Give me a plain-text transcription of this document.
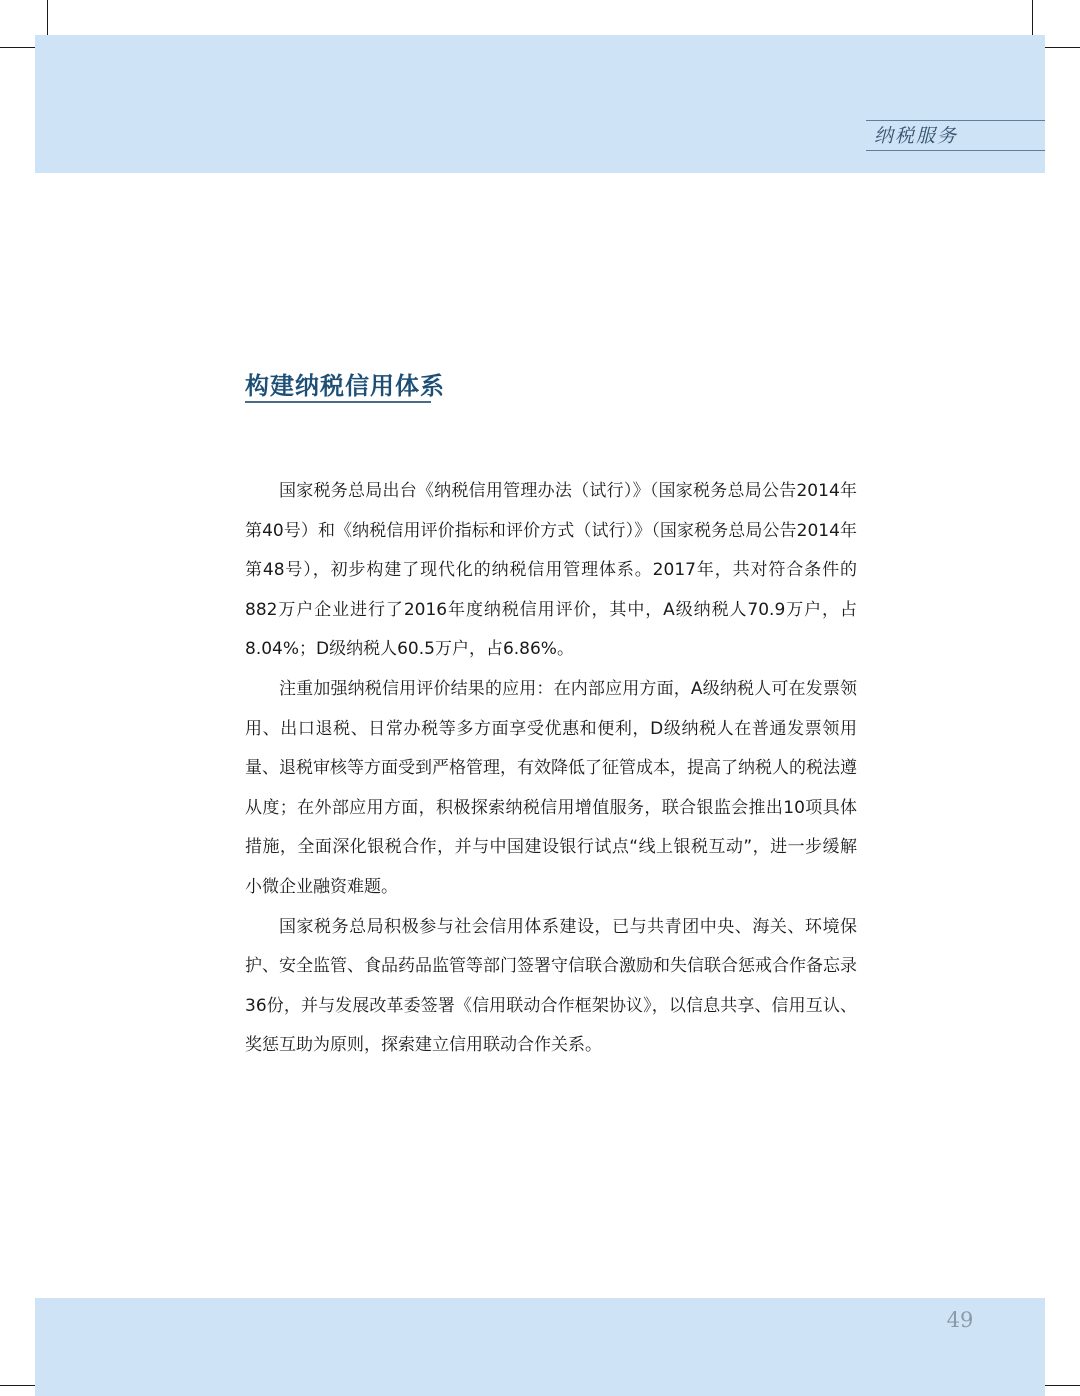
纳税服务
构建纳税信用体系

国家税务总局出台《纳税信用管理办法（试行）》（国家税务总局公告2014年第40号）和《纳税信用评价指标和评价方式（试行）》（国家税务总局公告2014年第48号），初步构建了现代化的纳税信用管理体系。2017年，共对符合条件的882万户企业进行了2016年度纳税信用评价，其中，A级纳税人70.9万户，占8.04%；D级纳税人60.5万户，占6.86%。

注重加强纳税信用评价结果的应用：在内部应用方面，A级纳税人可在发票领用、出口退税、日常办税等多方面享受优惠和便利，D级纳税人在普通发票领用量、退税审核等方面受到严格管理，有效降低了征管成本，提高了纳税人的税法遵从度；在外部应用方面，积极探索纳税信用增值服务，联合银监会推出10项具体措施，全面深化银税合作，并与中国建设银行试点“线上银税互动”，进一步缓解小微企业融资难题。

国家税务总局积极参与社会信用体系建设，已与共青团中央、海关、环境保护、安全监管、食品药品监管等部门签署守信联合激励和失信联合惩戒合作备忘录36份，并与发展改革委签署《信用联动合作框架协议》，以信息共享、信用互认、奖惩互助为原则，探索建立信用联动合作关系。

49
